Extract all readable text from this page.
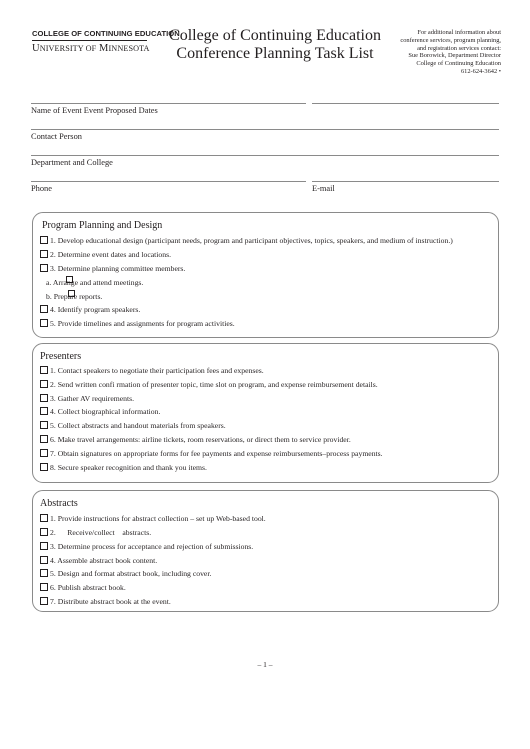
COLLEGE OF CONTINUING EDUCATION
UNIVERSITY OF MINNESOTA
College of Continuing Education
Conference Planning Task List
For additional information about
conference services, program planning,
and registration services contact:
Sue Borowick, Department Director
College of Continuing Education
612-624-3642 •
Name of Event Event Proposed Dates
Contact Person
Department and College
Phone	E-mail
Program Planning and Design
1. Develop educational design (participant needs, program and participant objectives, topics, speakers, and medium of instruction.)
2. Determine event dates and locations.
3. Determine planning committee members.
a. Arrange and attend meetings.
b. Prepare reports.
4. Identify program speakers.
5. Provide timelines and assignments for program activities.
Presenters
1. Contact speakers to negotiate their participation fees and expenses.
2. Send written confi rmation of presenter topic, time slot on program, and expense reimbursement details.
3. Gather AV requirements.
4. Collect biographical information.
5. Collect abstracts and handout materials from speakers.
6. Make travel arrangements: airline tickets, room reservations, or direct them to service provider.
7. Obtain signatures on appropriate forms for fee payments and expense reimbursements–process payments.
8. Secure speaker recognition and thank you items.
Abstracts
1. Provide instructions for abstract collection – set up Web-based tool.
2.      Receive/collect    abstracts.
3. Determine process for acceptance and rejection of submissions.
4. Assemble abstract book content.
5. Design and format abstract book, including cover.
6. Publish abstract book.
7. Distribute abstract book at the event.
– 1 –
